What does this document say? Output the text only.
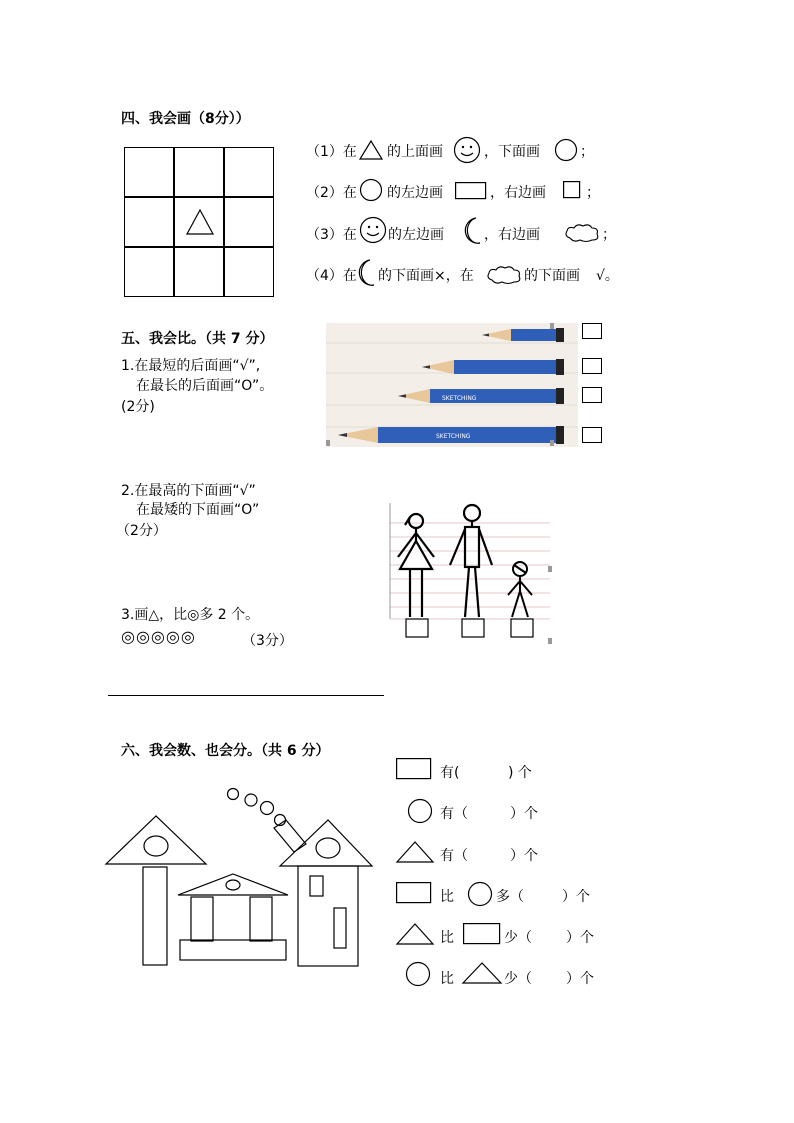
四、我会画（8分））
（1）在 的上面画	，下面画	；
（2）在 的左边画	，右边画	；
（3）在 的左边画	，右边画	；
（4）在 的下面画×，在	的下面画 √。
五、我会比。（共 7 分）
1.在最短的后面画“√”,
在最长的后面画“O”。
(2分)
SKETCHING
SKETCHING
2.在最高的下面画“√”
在最矮的下面画“O”
（2分）
3.画△，比◎多 2 个。
◎◎◎◎◎	（3分）
六、我会数、也会分。（共 6 分）
有(	) 个
有（	）个
有（	）个
比	多（	）个
比	少（ ）个
比	少（ ）个
